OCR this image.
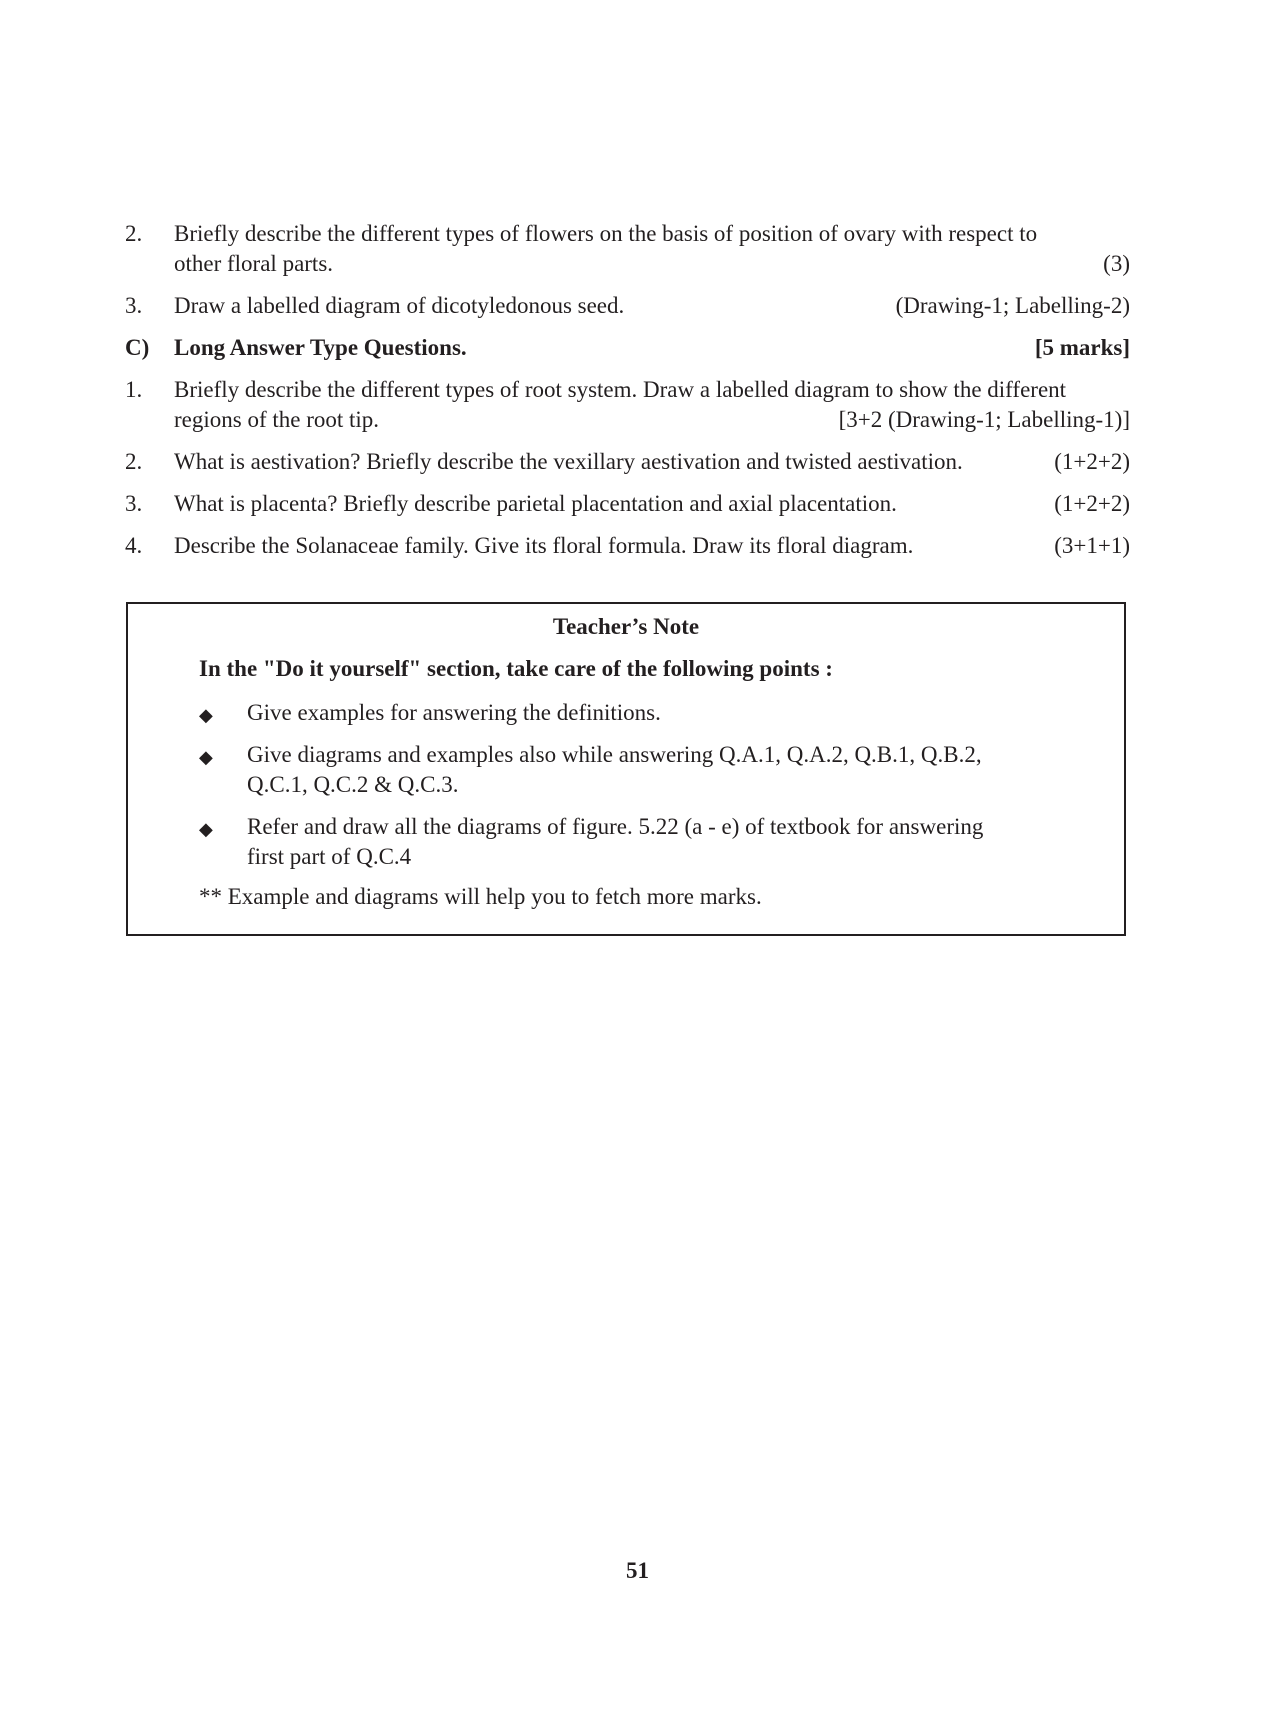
2. Briefly describe the different types of flowers on the basis of position of ovary with respect to
other floral parts.	(3)
3. Draw a labelled diagram of dicotyledonous seed.	(Drawing-1; Labelling-2)
C) Long Answer Type Questions.	[5 marks]
1. Briefly describe the different types of root system. Draw a labelled diagram to show the different
regions of the root tip.	[3+2 (Drawing-1; Labelling-1)]
2. What is aestivation? Briefly describe the vexillary aestivation and twisted aestivation.	(1+2+2)
3. What is placenta? Briefly describe parietal placentation and axial placentation.	(1+2+2)
4. Describe the Solanaceae family. Give its floral formula. Draw its floral diagram.	(3+1+1)
Teacher’s Note
In the "Do it yourself" section, take care of the following points :
◆ Give examples for answering the definitions.
◆ Give diagrams and examples also while answering Q.A.1, Q.A.2, Q.B.1, Q.B.2,
Q.C.1, Q.C.2 & Q.C.3.
◆ Refer and draw all the diagrams of figure. 5.22 (a - e) of textbook for answering
first part of Q.C.4
** Example and diagrams will help you to fetch more marks.
51
